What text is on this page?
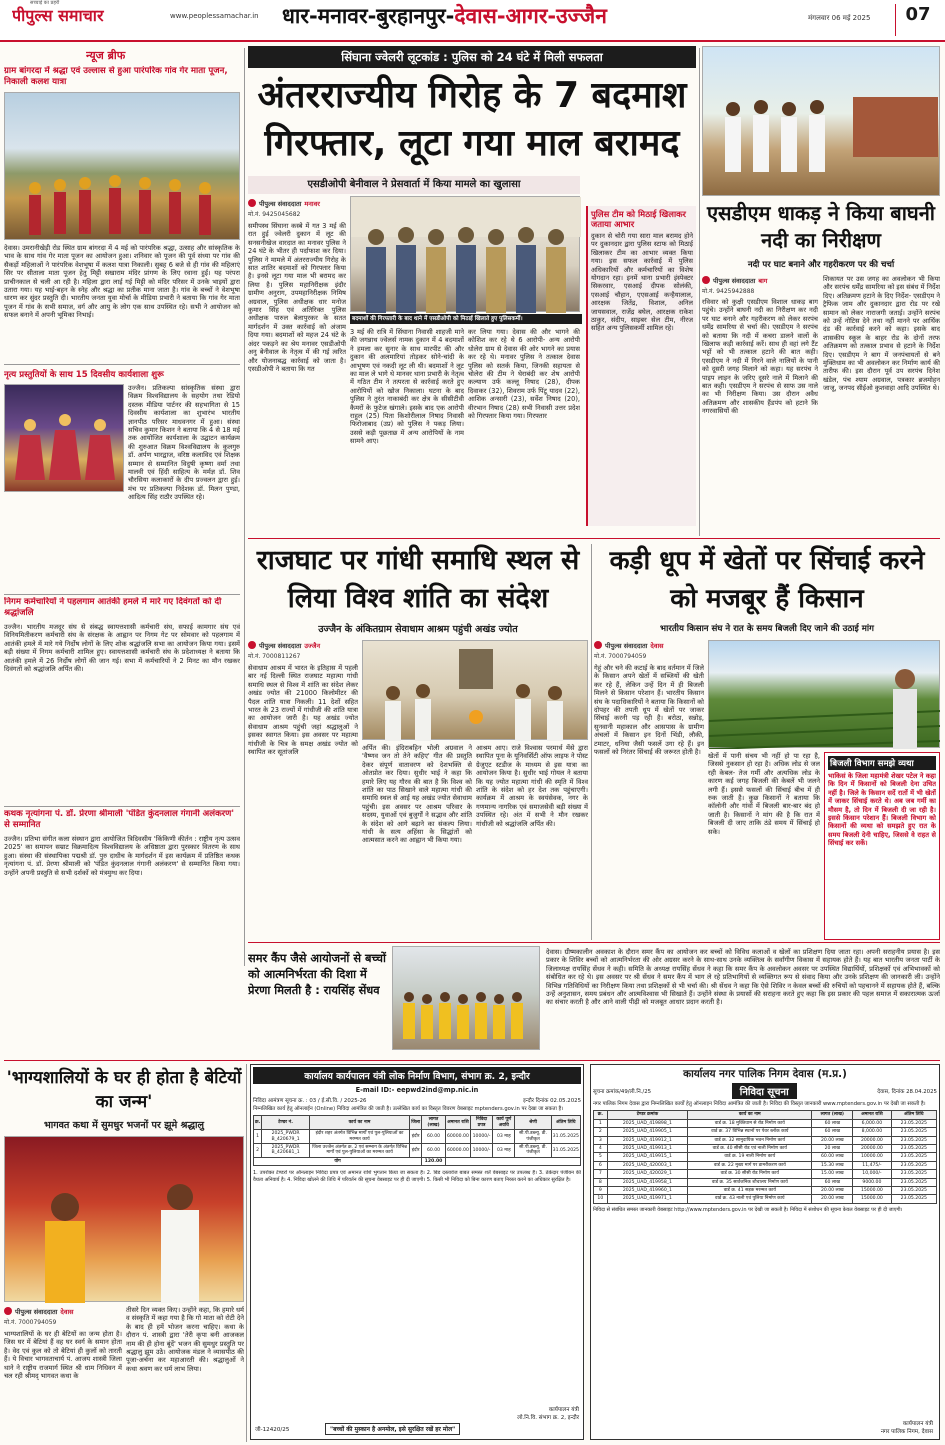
पीपुल्स समाचार
सच्चाई का प्रहरी
www.peoplessamachar.in	धार-मनावर-बुरहानपुर-देवास-आगर-उज्जैन	मंगलवार 06 मई 2025	07
न्यूज ब्रीफ
ग्राम बांगरदा में श्रद्धा एवं उल्लास से हुआ पारंपरिक गांव गेर माता पूजन, निकाली कलश यात्रा
देवास। उमरानीखेड़ी रोड स्थित ग्राम बांगरदा में 4 मई को पारंपरिक श्रद्धा, उत्साह और सांस्कृतिक के भाव के साथ गांव गेर माता पूजन का आयोजन हुआ। शनिवार को पूजन की पूर्व संध्या पर गांव की सैकड़ों महिलाओं ने पारंपरिक वेशभूषा में कलश यात्रा निकाली। सुबह 6 बजे से ही गांव की महिलाएं सिर पर सीताला माता पूजन हेतु मिट्टी सखाराम मंदिर प्रांगण के लिए रवाना हुईं। यह परंपरा प्राचीनकाल से चली आ रही है। महिला द्वारा लाई गई मिट्टी को मंदिर परिसर में उनके भाइयों द्वारा उतारा गया। यह भाई-बहन के स्नेह और श्रद्धा का प्रतीक माना जाता है। गांव के बच्चों ने वेशभूषा धारण कर सुंदर प्रस्तुति दी। भारतीय जनता युवा मोर्चा के मीडिया प्रभारी ने बताया कि गांव गेर माता पूजन में गांव के सभी समाज, वर्ग और आयु के लोग एक साथ उपस्थित रहे। सभी ने आयोजन को सफल बनाने में अपनी भूमिका निभाई।
नृत्य प्रस्तुतियों के साथ 15 दिवसीय कार्यशाला शुरू
उज्जैन। प्रतिकल्पा सांस्कृतिक संस्था द्वारा विक्रम विश्वविद्यालय के सहयोग तथा रेडियो दस्तक मीडिया पार्टनर की सहभागिता से 15 दिवसीय कार्यशाला का शुभारंभ भारतीय ज्ञानपीठ परिसर माधवनगर में हुआ। संस्था सचिव कुमार किशन ने बताया कि 4 से 18 मई तक आयोजित कार्यशाला के उद्घाटन कार्यक्रम की शुरुआत विक्रम विश्वविद्यालय के कुलगुरु डॉ. अर्पण भारद्वाज, वरिष्ठ कलाविद एवं शिक्षक सम्मान से सम्मानित विदुषी कृष्णा वर्मा तथा मालवी एवं हिंदी साहित्य के मर्मज्ञ डॉ. शिव चौरसिया कलाकारों के दीप प्रज्वलन द्वारा हुई। मंच पर प्रतिकल्पा निदेशक डॉ. मिलन पुण्डा, आदित्य सिंह राठौर उपस्थित रहे।
निगम कर्मचारियों ने पहलगाम आतंकी हमले में मारे गए दिवंगतों को दी श्रद्धांजलि
उज्जैन। भारतीय मजदूर संघ से संबद्ध स्वायत्तशासी कर्मचारी संघ, सफाई कामगार संघ एवं विनियमितीकरण कर्मचारी संघ के संरक्षक के आह्वान पर निगम गेट पर सोमवार को पहलगाम में आतंकी हमले में मारे गये निर्दोष लोगों के लिए शोक श्रद्धांजलि सभा का आयोजन किया गया। इसमें बड़ी संख्या में निगम कर्मचारी शामिल हुए। स्वायत्तशासी कर्मचारी संघ के प्रदेशाध्यक्ष ने बताया कि आतंकी हमले में 26 निर्दोष लोगों की जान गई। सभा में कर्मचारियों ने 2 मिनट का मौन रखकर दिवंगतों को श्रद्धांजलि अर्पित की।
कथक नृत्यांगना पं. डॉ. प्रेरणा श्रीमाली 'पंडित कुंदनलाल गंगानी अलंकरण' से सम्मानित
उज्जैन। प्रतिभा संगीत कला संस्थान द्वारा आयोजित त्रिदिवसीय 'किंकिणी कीर्तन : राष्ट्रीय नृत्य उत्सव 2025' का समापन सम्राट विक्रमादित्य विश्वविद्यालय के अधिष्ठाता द्वारा पुरस्कार वितरण के साथ हुआ। संस्था की संस्थापिका पद्मश्री डॉ. पुरु दाधीच के मार्गदर्शन में इस कार्यक्रम में प्रतिष्ठित कथक नृत्यांगना पं. डॉ. प्रेरणा श्रीमाली को 'पंडित कुंदनलाल गंगानी अलंकरण' से सम्मानित किया गया। उन्होंने अपनी प्रस्तुति से सभी दर्शकों को मंत्रमुग्ध कर दिया।
सिंघाना ज्वेलरी लूटकांड : पुलिस को 24 घंटे में मिली सफलता
अंतरराज्यीय गिरोह के 7 बदमाश गिरफ्तार, लूटा गया माल बरामद
एसडीओपी बेनीवाल ने प्रेसवार्ता में किया मामले का खुलासा
पीपुल्स संवाददाता मनावर
बदमाशों की गिरफ्तारी के बाद थाने में एसडीओपी को मिठाई खिलाते हुए पुलिसकर्मी।
मो.नं. 9425045682
समीपस्थ सिंघाना कस्बे में गत 3 मई की रात हुई ज्वेलरी दुकान में लूट की सनसनीखेज वारदात का मनावर पुलिस ने 24 घंटे के भीतर ही पर्दाफाश कर दिया। पुलिस ने मामले में अंतरराज्यीय गिरोह के सात शातिर बदमाशों को गिरफ्तार किया है। इनसे लूटा गया माल भी बरामद कर लिया है। पुलिस महानिरीक्षक इंदौर ग्रामीण अनुराग, उपमहानिरीक्षक निमिष अग्रवाल, पुलिस अधीक्षक धार मनोज कुमार सिंह एवं अतिरिक्त पुलिस अधीक्षक पारुल बेलापुरकर के सतत मार्गदर्शन में उक्त कार्रवाई को अंजाम दिया गया। बदमाशों को महज 24 घंटे के अंदर पकड़ने का श्रेय मनावर एसडीओपी अनु बेनीवाल के नेतृत्व में की गई त्वरित और योजनाबद्ध कार्रवाई को जाता है। एसडीओपी ने बताया कि गत
3 मई की रात्रि में सिंघाना निवासी शाहजी माने की जगन्नाथ ज्वेलर्स नामक दुकान में 4 बदमाशों ने हमला कर सुनार के साथ मारपीट की और दुकान की अलमारियां तोड़कर सोने-चांदी के आभूषण एवं नकदी लूट ली थी। बदमाशों ने लूट का माल ले भागे थे मानवर थाना प्रभारी के नेतृत्व में गठित टीम ने तत्परता से कार्रवाई करते हुए आरोपियों को खोज निकाला। घटना के बाद पुलिस ने तुरंत नाकाबंदी कर क्षेत्र के सीसीटीवी कैमरों के फुटेज खंगाले। इसके बाद एक आरोपी राहुल (25) पिता किशोरीलाल निषाद निवासी फिरोजाबाद (उप्र) को पुलिस ने पकड़ लिया। उससे कड़ी पूछताछ में अन्य आरोपियों के नाम सामने आए।
कर लिया गया। देवास की और भागने की कोशिश कर रहे थे 6 आरोपी- अन्य आरोपी धोलेरा ग्राम से देवास की ओर भागने का प्रयास कर रहे थे। मनावर पुलिस ने तत्काल देवास पुलिस को सतर्क किया, जिनकी सहायता से चोलेरा की टीम ने घेराबंदी कर शेष आरोपी कल्याण उर्फ कल्लू निषाद (28), दीपक दिवाकर (32), शिवराम उर्फ पिंटू यादव (22), आशिक अन्सारी (23), सर्वेश निषाद (20), वीरभान निषाद (28) सभी निवासी उत्तर प्रदेश को गिरफ्तार किया गया। गिरफ्तार
पुलिस टीम को मिठाई खिलाकर जताया आभार
दुकान से चोरी गया सारा माल बरामद होने पर दुकानदार द्वारा पुलिस स्टाफ को मिठाई खिलाकर टीम का आभार व्यक्त किया गया। इस सफल कार्रवाई में पुलिस अधिकारियों और कर्मचारियों का विशेष योगदान रहा। इनमें थाना प्रभारी इंस्पेक्टर सिकरवार, एसआई दीपक सोलंकी, एसआई चौहान, एएसआई कन्हैयालाल, आरक्षक जितेंद्र, विशाल, अनिल जायसवाल, राजेंद्र बघेल, आरक्षक राकेश ठाकुर, संदीप, साइबर सेल टीम, नीरज सहित अन्य पुलिसकर्मी शामिल रहे।
एसडीएम धाकड़ ने किया बाघनी नदी का निरीक्षण
नदी पर घाट बनाने और गहरीकरण पर की चर्चा
पीपुल्स संवाददाता बाग
मो.नं. 9425942888
रविवार को कुक्षी एसडीएम विशाल धाकड़ बाग पहुंचे। उन्होंने बाघनी नदी का निरीक्षण कर नदी पर घाट बनाने और गहरीकरण को लेकर सरपंच धर्मेंद्र सामरिया से चर्चा की। एसडीएम ने सरपंच को बताया कि नदी में कचरा डालने वालों के खिलाफ कड़ी कार्रवाई करें। साथ ही वहां लगे टैंट भट्टों को भी तत्काल हटाने की बात कही। एसडीएम ने नदी में गिरने वाले नालियों के पानी को दूसरी जगह मिलाने को कहा। यह सरपंच ने पाइप लाइन के जरिए दूसरे नाले में मिलाने की बात कही। एसडीएम ने सरपंच से साफ उस नाले का भी निरीक्षण किया। उस दौरान अवैध अतिक्रमण और शासकीय हैंडपंप को हटाने कि नगरवासियों की
शिकायत पर उस जगह का अवलोकन भी किया और सरपंच धर्मेंद्र सामरिया को इस संबंध में निर्देश दिए। अतिक्रमण हटाने के दिए निर्देश- एसडीएम ने ट्रैफिक जाम और दुकानदार द्वारा रोड पर रखे सामान को लेकर नाराजगी जताई। उन्होंने सरपंच को उन्हें नोटिस देने तथा नहीं मानने पर आर्थिक दंड की कार्रवाई करने को कहा। इसके बाद शासकीय स्कूल के बाहर रोड के दोनों तरफ अतिक्रमण को तत्काल प्रभाव से हटाने के निर्देश दिए। एसडीएम ने बाग में जनपंचायतों से बने मुक्तिधाम का भी अवलोकन कर निर्माण कार्य की तारीफ की। इस दौरान पूर्व उप सरपंच दिनेश खंडेल, पंच श्याम अग्रवाल, पत्रकार ब्रजमोहन जाजू, जनपद सीईओ कुशवाहा आदि उपस्थित थे।
राजघाट पर गांधी समाधि स्थल से लिया विश्व शांति का संदेश
उज्जैन के अंकितग्राम सेवाधाम आश्रम पहुंची अखंड ज्योत
पीपुल्स संवाददाता उज्जैन
मो.नं. 7000811267
सेवाधाम आश्रम में भारत के इतिहास में पहली बार नई दिल्ली स्थित राजघाट महात्मा गांधी समाधि स्थल से विश्व में शांति का संदेश लेकर अखंड ज्योत की 21000 किलोमीटर की पैदल शांति यात्रा निकली। 11 देशों सहित भारत के 23 राज्यों में गांधीजी की शांति यात्रा का आयोजन जारी है। यह अखंड ज्योत सेवाधाम आश्रम पहुंची जहां श्रद्धालुओं ने इसका स्वागत किया। इस अवसर पर महात्मा गांधीजी के चित्र के समक्ष अखंड ज्योत को स्थापित कर सूतांजलि
अर्पित की। इंदिराबहिन भोली अग्रवाल ने 'वैष्णव जन तो तेने कहिए' गीत की प्रस्तुति देकर संपूर्ण वातावरण को देशभक्ति से ओतप्रोत कर दिया। सुधीर भाई ने कहा कि हमारे लिए यह गौरव की बात है कि विश्व को शांति का पाठ सिखाने वाले महात्मा गांधी की समाधि स्थल से आई यह अखंड ज्योत सेवाधाम पहुंची। इस अवसर पर आश्रम परिवार के सदस्य, युवाओं एवं बुजुर्गों ने सद्भाव और शांति के संदेश को आगे बढ़ाने का संकल्प लिया। गांधी के सत्य अहिंसा के सिद्धांतों को आत्मसात करने का आह्वान भी किया गया।
आश्रम आए। राजे विश्वास परमार्थ मेंसे द्वारा स्थापित पूना के यूनिवर्सिटी ऑफ लाइफ ने पोस्ट ग्रेजुएट स्टडीज के माध्यम से इस यात्रा का आयोजन किया है। सुधीर भाई गोयल ने बताया कि यह ज्योत महात्मा गांधी की स्मृति में विश्व शांति के संदेश को हर देश तक पहुंचाएगी। कार्यक्रम में आश्रम के स्वयंसेवक, नगर के गणमान्य नागरिक एवं समाजसेवी बड़ी संख्या में उपस्थित रहे। अंत में सभी ने मौन रखकर गांधीजी को श्रद्धांजलि अर्पित की।
कड़ी धूप में खेतों पर सिंचाई करने को मजबूर हैं किसान
भारतीय किसान संघ ने रात के समय बिजली दिए जाने की उठाई मांग
पीपुल्स संवाददाता देवास
मो.नं. 7000794059
गेहूं और चने की कटाई के बाद वर्तमान में जिले के किसान अपने खेतों में सब्जियों की खेती कर रहे हैं, लेकिन उन्हें दिन में ही बिजली मिलने से किसान परेशान हैं। भारतीय किसान संघ के पदाधिकारियों ने बताया कि किसानों को दोपहर की तपती धूप में खेतों पर जाकर सिंचाई करनी पड़ रही है। बरोठा, सन्नोड़, सुनवानी महाकाल और आसपास के ग्रामीण अंचलों में किसान इन दिनों भिंडी, लौकी, टमाटर, धनिया जैसी फसलें उगा रहे हैं। इन फसलों को निरंतर सिंचाई की जरूरत होती है।	खेतों में पानी संचय भी नहीं हो पा रहा है, जिससे नुकसान हो रहा है। अधिक लोड से जल रही केबल- तेज गर्मी और अत्यधिक लोड के कारण कई जगह बिजली की केबलें भी जलने लगी हैं। इससे फसलों की सिंचाई बीच में ही रुक जाती है। कुछ किसानों ने बताया कि कॉलोनी और गांवों में बिजली बार-बार बंद हो जाती है। किसानों ने मांग की है कि रात में बिजली दी जाए ताकि ठंडे समय में सिंचाई हो सके।
बिजली विभाग समझे व्यथा
भाकिसं के जिला महामंत्री शेखर पटेल ने कहा कि दिन में किसानों को बिजली देना उचित नहीं है। जिले के किसान सर्दे रातों में भी खेतों में जाकर सिंचाई करते थे। अब जब गर्मी का मौसम है, तो दिन में बिजली दी जा रही है। इससे किसान परेशान हैं। बिजली विभाग को किसानों की व्यथा को समझते हुए रात के समय बिजली देनी चाहिए, जिससे वे राहत से सिंचाई कर सकें।
समर कैंप जैसे आयोजनों से बच्चों को आत्मनिर्भरता की दिशा में प्रेरणा मिलती है : रायसिंह सेंधव
देवास। ग्रीष्मकालीन अवकाश के दौरान समर कैंप का आयोजन कर बच्चों को विविध कलाओं व खेलों का प्रशिक्षण दिया जाता रहा। अपनी सराहनीय प्रयास है। इस प्रकार के शिविर बच्चों को आत्मनिर्भरता की ओर अग्रसर करने के साथ-साथ उनके व्यक्तित्व के सर्वांगीण विकास में सहायक होते हैं। यह बात भारतीय जनता पार्टी के जिलाध्यक्ष रायसिंह सेंधव ने कही। समिति के अध्यक्ष रायसिंह सेंधव ने कहा कि समर कैंप के अवलोकन अवसर पर उपस्थित विद्यार्थियों, प्रशिक्षकों एवं अभिभावकों को संबोधित कर रहे थे। इस अवसर पर श्री सेंधव ने समर कैंप में भाग ले रहे प्रतिभागियों से व्यक्तिगत रूप से संवाद किया और उनके प्रशिक्षण की जानकारी ली। उन्होंने विभिन्न गतिविधियों का निरीक्षण किया तथा प्रशिक्षकों से भी चर्चा की। श्री सेंधव ने कहा कि ऐसे शिविर न केवल बच्चों की रुचियों को पहचानने में सहायक होते हैं, बल्कि उन्हें अनुशासन, समय प्रबंधन और आत्मविश्वास भी सिखाते हैं। उन्होंने संस्था के प्रयासों की सराहना करते हुए कहा कि इस प्रकार की पहल समाज में सकारात्मक ऊर्जा का संचार करती है और आने वाली पीढ़ी को मजबूत आधार प्रदान करती है।
'भाग्यशालियों के घर ही होता है बेटियों का जन्म'
भागवत कथा में सुमधुर भजनों पर झूमे श्रद्धालु
पीपुल्स संवाददाता देवास
मो.नं. 7000794059
भाग्यशालियों के घर ही बेटियों का जन्म होता है। जिस घर में बेटियां हैं वह घर स्वर्ग के समान होता है। वेद एवं कुल को तो बेटियां ही कुलों को तारती हैं। ये विचार भागवताचार्य पं. आजय शास्त्री जिला थाने ने राष्ट्रीय राजमार्ग स्थित श्री धाम निधिवन में चल रही श्रीमद् भागवत कथा के
तीसरे दिन व्यक्त किए। उन्होंने कहा, कि हमारे धर्म व संस्कृति में कहा गया है कि गो माता को रोटी देने के बाद ही हमें भोजन करना चाहिए। कथा के दौरान पं. शास्त्री द्वारा 'तेरी कृपा बनी आजकल नाम की ही होना बूंदें' भजन की सुमधुर प्रस्तुति पर श्रद्धालु झूम उठे। आयोजक मंडल ने व्यासपीठ की पूजा-अर्चना कर महाआरती की। श्रद्धालुओं ने कथा श्रवण कर धर्म लाभ लिया।
कार्यालय कार्यपालन यंत्री लोक निर्माण विभाग, संभाग क्र. 2, इन्दौर
E-mail ID:- eepwd2ind@mp.nic.in
निविदा आमंत्रण सूचना क्र. : 03 / ई.सी.वि. / 2025-26	इन्दौर दिनांक 02.05.2025
निम्नलिखित कार्य हेतु ऑनलाईन (Online) निविदा आमंत्रित की जाती है। उल्लेखित कार्य का विस्तृत विवरण वेबसाइट mptenders.gov.in पर देखा जा सकता है।
क्र.	टेण्डर नं.	कार्य का नाम	जिला	लागत (लाख)	अमानत राशि	निविदा प्रपत्र	कार्य पूर्ण अवधि	श्रेणी	अंतिम तिथि
1	2025_PWDR B_420679_1	इंदौर शहर अंतर्गत विभिन्न मार्गों एवं पुल-पुलियाओं का मरम्मत कार्य	इंदौर	60.00	60000.00	10000/-	03 माह	सी.पी.डब्ल्यू. डी. पंजीकृत	31.05.2025
2	2025_PWDR B_420681_1	जिला उज्जैन अंतर्गत क्र. 2 एवं सम्भाग के अंतर्गत विभिन्न मार्गों एवं पुल-पुलियाओं का मरम्मत कार्य	इंदौर	60.00	60000.00	10000/-	03 माह	सी.पी.डब्ल्यू. डी. पंजीकृत	31.05.2025
योग				120.00					
1. उपरोक्त टेण्डरों पर ऑनलाइन निविदा प्रपत्र एवं अमानत राशि भुगतान किया जा सकता है। 2. बिड दस्तावेज बाबत समस्त शर्तें वेबसाइट पर उपलब्ध हैं। 3. ठेकेदार पंजीयन की वैधता अनिवार्य है। 4. निविदा खोलने की तिथि में परिवर्तन की सूचना वेबसाइट पर ही दी जाएगी। 5. किसी भी निविदा को बिना कारण बताए निरस्त करने का अधिकार सुरक्षित है।
कार्यपालन यंत्री
लो.नि.वि. संभाग क्र. 2, इन्दौर
"बच्चों की मुस्कान है अनमोल, इसे सुरक्षित रखें हर मोल"
जी-12420/25
कार्यालय नगर पालिक निगम देवास (म.प्र.)
सूचना क्रमांक/49/ली.नि./25	निविदा सूचना	देवास, दिनांक 28.04.2025
नगर पालिक निगम देवास द्वारा निम्नलिखित कार्यों हेतु ऑनलाइन निविदा आमंत्रित की जाती है। निविदा की विस्तृत जानकारी www.mptenders.gov.in पर देखी जा सकती है।
क्र.	टेण्डर क्रमांक	कार्य का नाम	लागत (लाख)	अमानत राशि	अंतिम तिथि
1	2025_UAD_419898_1	वार्ड क्र. 18 मुक्तिधाम से रोड निर्माण कार्य	60 लाख	6,000.00	23.05.2025
2	2025_UAD_419905_1	वार्ड क्र. 37 विभिन्न स्थानों पर पेवर ब्लॉक कार्य	60 लाख	8,000.00	23.05.2025
3	2025_UAD_419912_1	वार्ड क्र. 32 सामुदायिक भवन निर्माण कार्य	20.00 लाख	20000.00	23.05.2025
4	2025_UAD_419913_1	वार्ड क्र. 40 सीसी रोड एवं नाली निर्माण कार्य	20 लाख	20000.00	23.05.2025
5	2025_UAD_419915_1	वार्ड क्र. 19 नाली निर्माण कार्य	60.00 लाख	10000.00	23.05.2025
6	2025_UAD_420003_1	वार्ड क्र. 22 मुख्य मार्ग पर डामरीकरण कार्य	15.30 लाख	11,475/-	23.05.2025
7	2025_UAD_420029_1	वार्ड क्र. 30 सीसी रोड निर्माण कार्य	15.00 लाख	10,000/-	23.05.2025
8	2025_UAD_419958_1	वार्ड क्र. 35 सार्वजनिक शौचालय निर्माण कार्य	60 लाख	9000.00	23.05.2025
9	2025_UAD_419960_1	वार्ड क्र. 41 सड़क मरम्मत कार्य	20.00 लाख	15000.00	23.05.2025
10	2025_UAD_419971_1	वार्ड क्र. 43 नाली एवं पुलिया निर्माण कार्य	20.00 लाख	15000.00	23.05.2025
निविदा से संबंधित समस्त जानकारी वेबसाइट http://www.mptenders.gov.in पर देखी जा सकती है। निविदा में संशोधन की सूचना केवल वेबसाइट पर ही दी जाएगी।
कार्यपालन यंत्री
नगर पालिक निगम, देवास
